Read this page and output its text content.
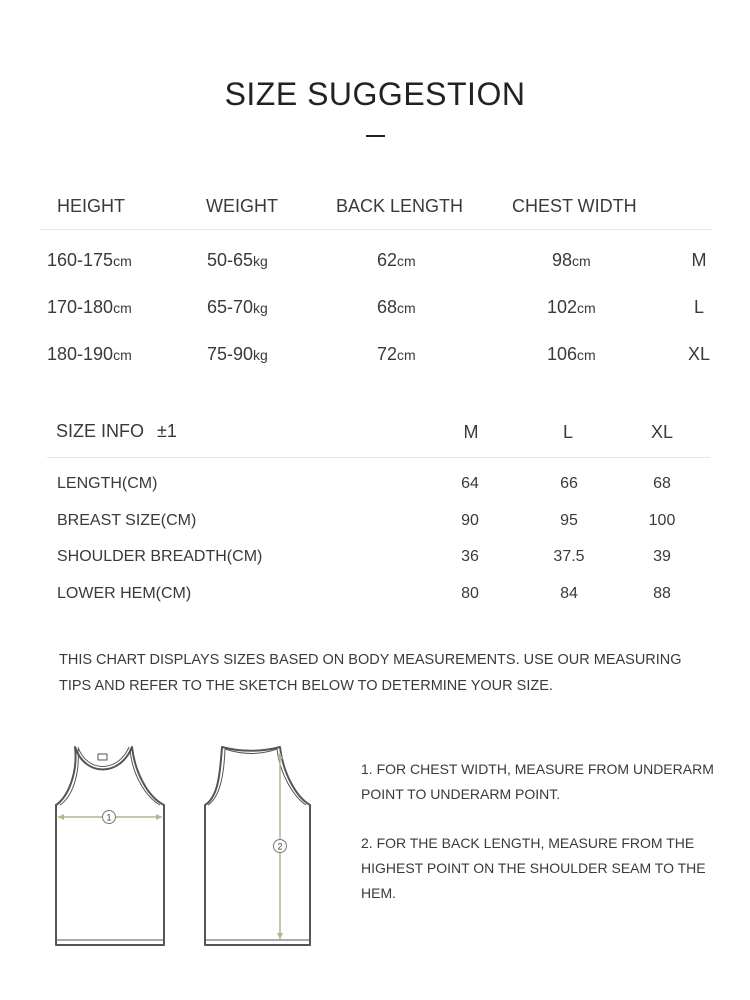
SIZE SUGGESTION
HEIGHT	WEIGHT	BACK LENGTH	CHEST WIDTH
160-175cm	50-65kg	62cm	98cm	M
170-180cm	65-70kg	68cm	102cm	L
180-190cm	75-90kg	72cm	106cm	XL
SIZE INFO ±1	M	L	XL
LENGTH(CM)	64	66	68
BREAST SIZE(CM)	90	95	100
SHOULDER BREADTH(CM)	36	37.5	39
LOWER HEM(CM)	80	84	88
THIS CHART DISPLAYS SIZES BASED ON BODY MEASUREMENTS. USE OUR MEASURING
TIPS AND REFER TO THE SKETCH BELOW TO DETERMINE YOUR SIZE.
1
2
1. FOR CHEST WIDTH, MEASURE FROM UNDERARM
POINT TO UNDERARM POINT.
2. FOR THE BACK LENGTH, MEASURE FROM THE
HIGHEST POINT ON THE SHOULDER SEAM TO THE
HEM.
